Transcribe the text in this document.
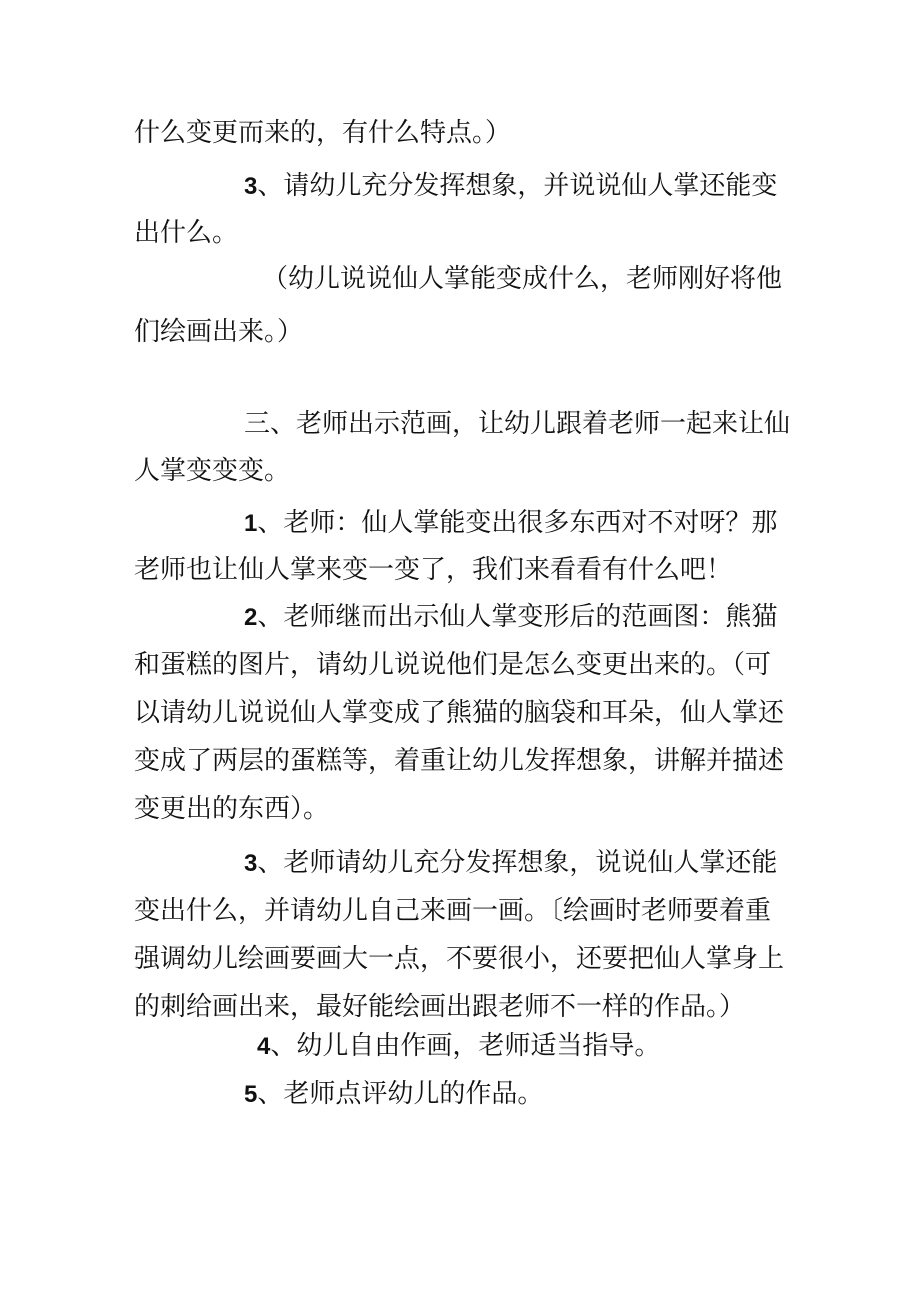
什么变更而来的，有什么特点。）
3、请幼儿充分发挥想象，并说说仙人掌还能变
出什么。
（幼儿说说仙人掌能变成什么，老师刚好将他
们绘画出来。）
三、老师出示范画，让幼儿跟着老师一起来让仙
人掌变变变。
1、老师：仙人掌能变出很多东西对不对呀？那
老师也让仙人掌来变一变了，我们来看看有什么吧！
2、老师继而出示仙人掌变形后的范画图：熊猫
和蛋糕的图片，请幼儿说说他们是怎么变更出来的。（可
以请幼儿说说仙人掌变成了熊猫的脑袋和耳朵，仙人掌还
变成了两层的蛋糕等，着重让幼儿发挥想象，讲解并描述
变更出的东西）。
3、老师请幼儿充分发挥想象，说说仙人掌还能
变出什么，并请幼儿自己来画一画。〔绘画时老师要着重
强调幼儿绘画要画大一点，不要很小，还要把仙人掌身上
的刺给画出来，最好能绘画出跟老师不一样的作品。）
4、幼儿自由作画，老师适当指导。
5、老师点评幼儿的作品。
